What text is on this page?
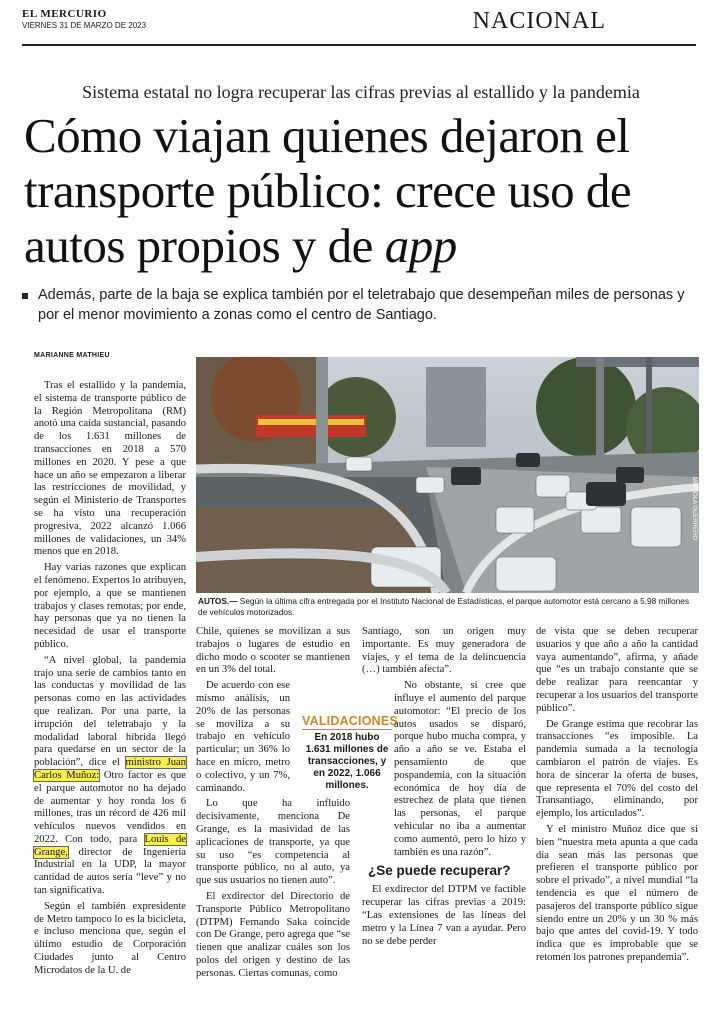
EL MERCURIO
VIERNES 31 DE MARZO DE 2023	NACIONAL
Sistema estatal no logra recuperar las cifras previas al estallido y la pandemia
Cómo viajan quienes dejaron el transporte público: crece uso de autos propios y de app
Además, parte de la baja se explica también por el teletrabajo que desempeñan miles de personas y por el menor movimiento a zonas como el centro de Santiago.
MARIANNE MATHIEU
MARIOLA GUERRERO
AUTOS.— Según la última cifra entregada por el Instituto Nacional de Estadísticas, el parque automotor está cercano a 5,98 millones de vehículos motorizados.

Tras el estallido y la pandemia, el sistema de transporte público de la Región Metropolitana (RM) anotó una caída sustancial, pasando de los 1.631 millones de transacciones en 2018 a 570 millones en 2020. Y pese a que hace un año se empezaron a liberar las restricciones de movilidad, y según el Ministerio de Transportes se ha visto una recuperación progresiva, 2022 alcanzó 1.066 millones de validaciones, un 34% menos que en 2018.

Hay varias razones que explican el fenómeno. Expertos lo atribuyen, por ejemplo, a que se mantienen trabajos y clases remotas; por ende, hay personas que ya no tienen la necesidad de usar el transporte público.

“A nivel global, la pandemia trajo una serie de cambios tanto en las conductas y movilidad de las personas como en las actividades que realizan. Por una parte, la irrupción del teletrabajo y la modalidad laboral híbrida llegó para quedarse en un sector de la población”, dice el ministro Juan Carlos Muñoz: Otro factor es que el parque automotor no ha dejado de aumentar y hoy ronda los 6 millones, tras un récord de 426 mil vehículos nuevos vendidos en 2022. Con todo, para Louis de Grange, director de Ingeniería Industrial en la UDP, la mayor cantidad de autos sería “leve” y no tan significativa.

Según el también expresidente de Metro tampoco lo es la bicicleta, e incluso menciona que, según el último estudio de Corporación Ciudades junto al Centro Microdatos de la U. de

Chile, quienes se movilizan a sus trabajos o lugares de estudio en dicho modo o scooter se mantienen en un 3% del total.

De acuerdo con ese mismo análisis, un 20% de las personas se moviliza a su trabajo en vehículo particular; un 36% lo hace en micro, metro o colectivo, y un 7%, caminando.

Lo que ha influido decisivamente, menciona De Grange, es la masividad de las aplicaciones de transporte, ya que su uso “es competencia al transporte público, no al auto, ya que sus usuarios no tienen auto”.

El exdirector del Directorio de Transporte Público Metropolitano (DTPM) Fernando Saka coincide con De Grange, pero agrega que “se tienen que analizar cuáles son los polos del origen y destino de las personas. Ciertas comunas, como

VALIDACIONES
En 2018 hubo 1.631 millones de transacciones, y en 2022, 1.066 millones.

Santiago, son un origen muy importante. Es muy generadora de viajes, y el tema de la delincuencia (…) también afecta”.

No obstante, sí cree que influye el aumento del parque automotor: “El precio de los autos usados se disparó, porque hubo mucha compra, y año a año se ve. Estaba el pensamiento de que pospandemia, con la situación económica de hoy día de estrechez de plata que tienen las personas, el parque vehicular no iba a aumentar como aumentó, pero lo hizo y también es una razón”.

El exdirector del DTPM ve factible recuperar las cifras previas a 2019: “Las extensiones de las líneas del metro y la Línea 7 van a ayudar. Pero no se debe perder

¿Se puede recuperar?

de vista que se deben recuperar usuarios y que año a año la cantidad vaya aumentando”, afirma, y añade que “es un trabajo constante que se debe realizar para reencantar y recuperar a los usuarios del transporte público”.

De Grange estima que recobrar las transacciones “es imposible. La pandemia sumada a la tecnología cambiaron el patrón de viajes. Es hora de sincerar la oferta de buses, que representa el 70% del costo del Transantiago, eliminando, por ejemplo, los articulados”.

Y el ministro Muñoz dice que si bien “nuestra meta apunta a que cada día sean más las personas que prefieren el transporte público por sobre el privado”, a nivel mundial “la tendencia es que el número de pasajeros del transporte público sigue siendo entre un 20% y un 30 % más bajo que antes del covid-19. Y todo indica que es improbable que se retomen los patrones prepandemia”.
